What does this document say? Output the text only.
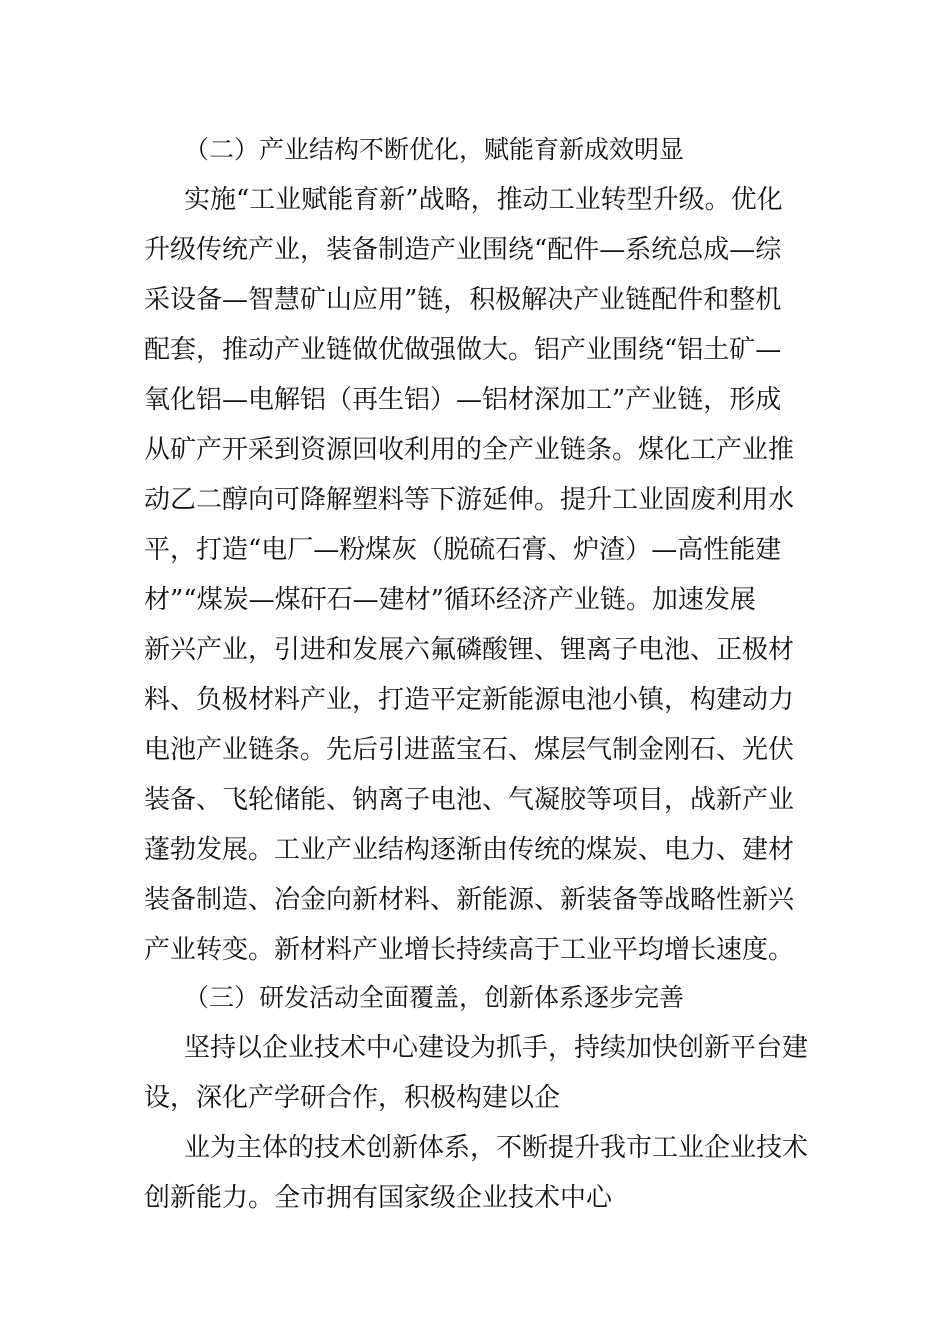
（二）产业结构不断优化，赋能育新成效明显
实施“工业赋能育新”战略，推动工业转型升级。优化
升级传统产业，装备制造产业围绕“配件—系统总成—综
采设备—智慧矿山应用”链，积极解决产业链配件和整机
配套，推动产业链做优做强做大。铝产业围绕“铝土矿—
氧化铝—电解铝（再生铝）—铝材深加工”产业链，形成
从矿产开采到资源回收利用的全产业链条。煤化工产业推
动乙二醇向可降解塑料等下游延伸。提升工业固废利用水
平，打造“电厂—粉煤灰（脱硫石膏、炉渣）—高性能建
材”“煤炭—煤矸石—建材”循环经济产业链。加速发展
新兴产业，引进和发展六氟磷酸锂、锂离子电池、正极材
料、负极材料产业，打造平定新能源电池小镇，构建动力
电池产业链条。先后引进蓝宝石、煤层气制金刚石、光伏
装备、飞轮储能、钠离子电池、气凝胶等项目，战新产业
蓬勃发展。工业产业结构逐渐由传统的煤炭、电力、建材
装备制造、冶金向新材料、新能源、新装备等战略性新兴
产业转变。新材料产业增长持续高于工业平均增长速度。
（三）研发活动全面覆盖，创新体系逐步完善
坚持以企业技术中心建设为抓手，持续加快创新平台建
设，深化产学研合作，积极构建以企
业为主体的技术创新体系，不断提升我市工业企业技术
创新能力。全市拥有国家级企业技术中心
